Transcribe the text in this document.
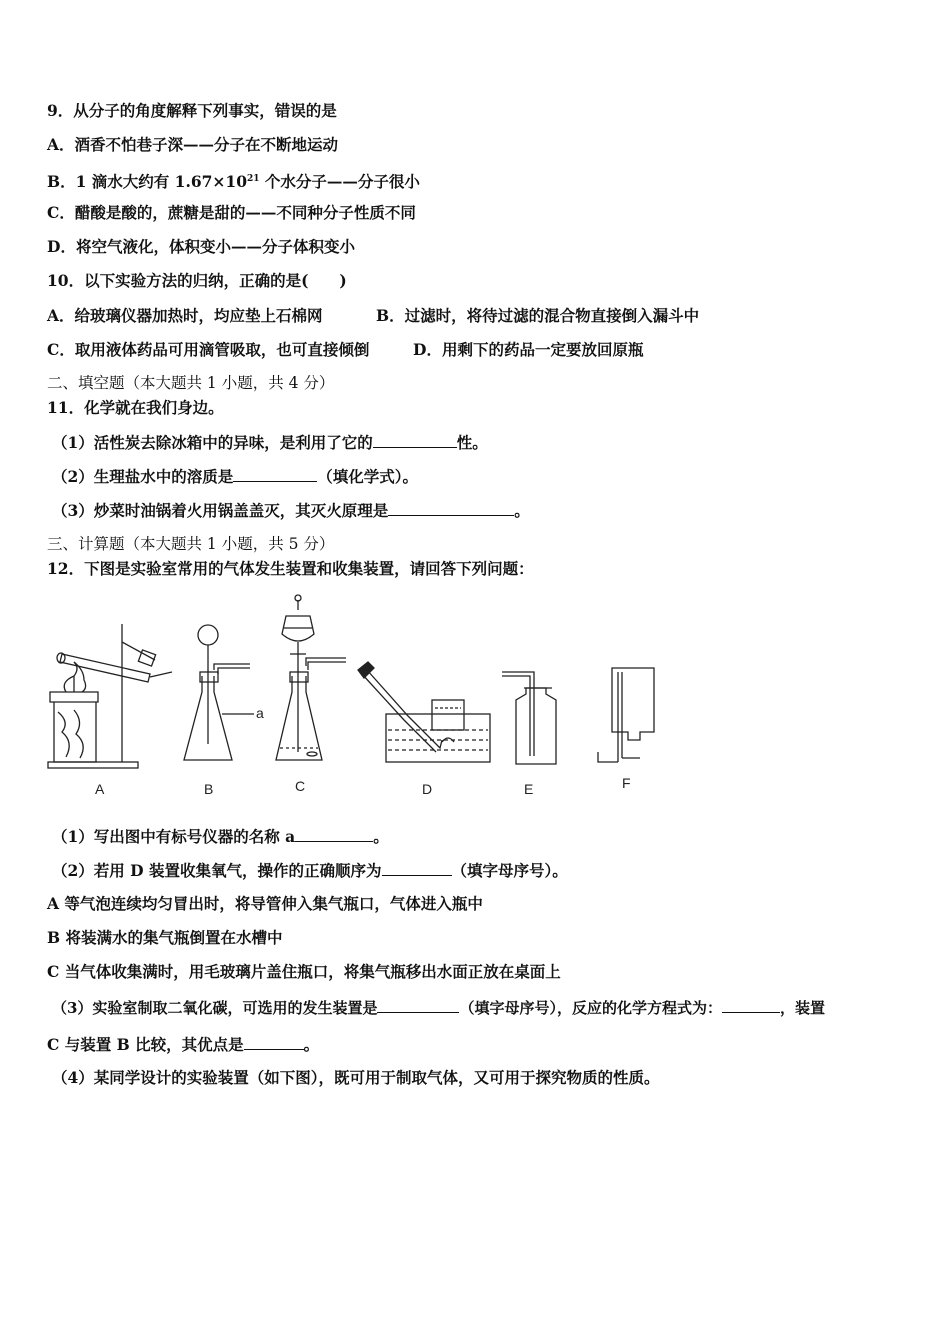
9．从分子的角度解释下列事实，错误的是
A．酒香不怕巷子深——分子在不断地运动
B．1 滴水大约有 $1.67\times 10^{21}$ 个水分子——分子很小
C．醋酸是酸的，蔗糖是甜的——不同种分子性质不同
D．将空气液化，体积变小——分子体积变小
10．以下实验方法的归纳，正确的是(　　)
A．给玻璃仪器加热时，均应垫上石棉网	B．过滤时，将待过滤的混合物直接倒入漏斗中
C．取用液体药品可用滴管吸取，也可直接倾倒	D．用剩下的药品一定要放回原瓶
二、填空题（本大题共 1 小题，共 4 分）
11．化学就在我们身边。
（1）活性炭去除冰箱中的异味，是利用了它的	性。
（2）生理盐水中的溶质是	（填化学式）。
（3）炒菜时油锅着火用锅盖盖灭，其灭火原理是	。
三、计算题（本大题共 1 小题，共 5 分）
12．下图是实验室常用的气体发生装置和收集装置，请回答下列问题：
A	B	C	D	E	F
a
（1）写出图中有标号仪器的名称 a	。
（2）若用 D 装置收集氧气，操作的正确顺序为	（填字母序号）。
A 等气泡连续均匀冒出时，将导管伸入集气瓶口，气体进入瓶中
B 将装满水的集气瓶倒置在水槽中
C 当气体收集满时，用毛玻璃片盖住瓶口，将集气瓶移出水面正放在桌面上
（3）实验室制取二氧化碳，可选用的发生装置是	（填字母序号），反应的化学方程式为：	，装置
C 与装置 B 比较，其优点是	。
（4）某同学设计的实验装置（如下图），既可用于制取气体，又可用于探究物质的性质。
